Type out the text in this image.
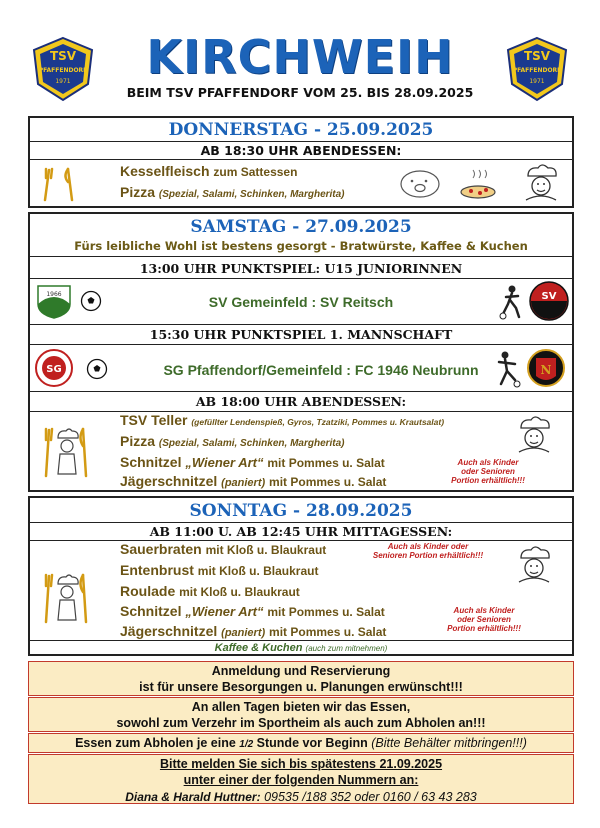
TSV
PFAFFENDORF
1971
TSV
PFAFFENDORF
1971
KIRCHWEIH
BEIM TSV PFAFFENDORF VOM 25. BIS 28.09.2025
DONNERSTAG - 25.09.2025
AB 18:30 UHR ABENDESSEN:
Kesselfleisch zum Sattessen
Pizza (Spezial, Salami, Schinken, Margherita)
SAMSTAG - 27.09.2025
Fürs leibliche Wohl ist bestens gesorgt - Bratwürste, Kaffee & Kuchen
13:00 UHR PUNKTSPIEL: U15 JUNIORINNEN
1966	SV Gemeinfeld : SV Reitsch	SV
15:30 UHR PUNKTSPIEL 1. MANNSCHAFT
SG	SG Pfaffendorf/Gemeinfeld : FC 1946 Neubrunn	N
AB 18:00 UHR ABENDESSEN:
TSV Teller (gefüllter Lendenspieß, Gyros, Tzatziki, Pommes u. Krautsalat)
Pizza (Spezial, Salami, Schinken, Margherita)
Schnitzel „Wiener Art“ mit Pommes u. Salat
Jägerschnitzel (paniert) mit Pommes u. Salat
Auch als Kinder
oder Senioren
Portion erhältlich!!!
SONNTAG - 28.09.2025
AB 11:00 U. AB 12:45 UHR MITTAGESSEN:
Sauerbraten mit Kloß u. Blaukraut
Entenbrust mit Kloß u. Blaukraut
Roulade mit Kloß u. Blaukraut
Schnitzel „Wiener Art“ mit Pommes u. Salat
Jägerschnitzel (paniert) mit Pommes u. Salat
Auch als Kinder oder
Senioren Portion erhältlich!!!
Auch als Kinder
oder Senioren
Portion erhältlich!!!
Kaffee & Kuchen (auch zum mitnehmen)
Anmeldung und Reservierung
ist für unsere Besorgungen u. Planungen erwünscht!!!
An allen Tagen bieten wir das Essen,
sowohl zum Verzehr im Sportheim als auch zum Abholen an!!!
Essen zum Abholen je eine 1/2 Stunde vor Beginn (Bitte Behälter mitbringen!!!)
Bitte melden Sie sich bis spätestens 21.09.2025
unter einer der folgenden Nummern an:
Diana & Harald Huttner: 09535 /188 352 oder 0160 / 63 43 283
